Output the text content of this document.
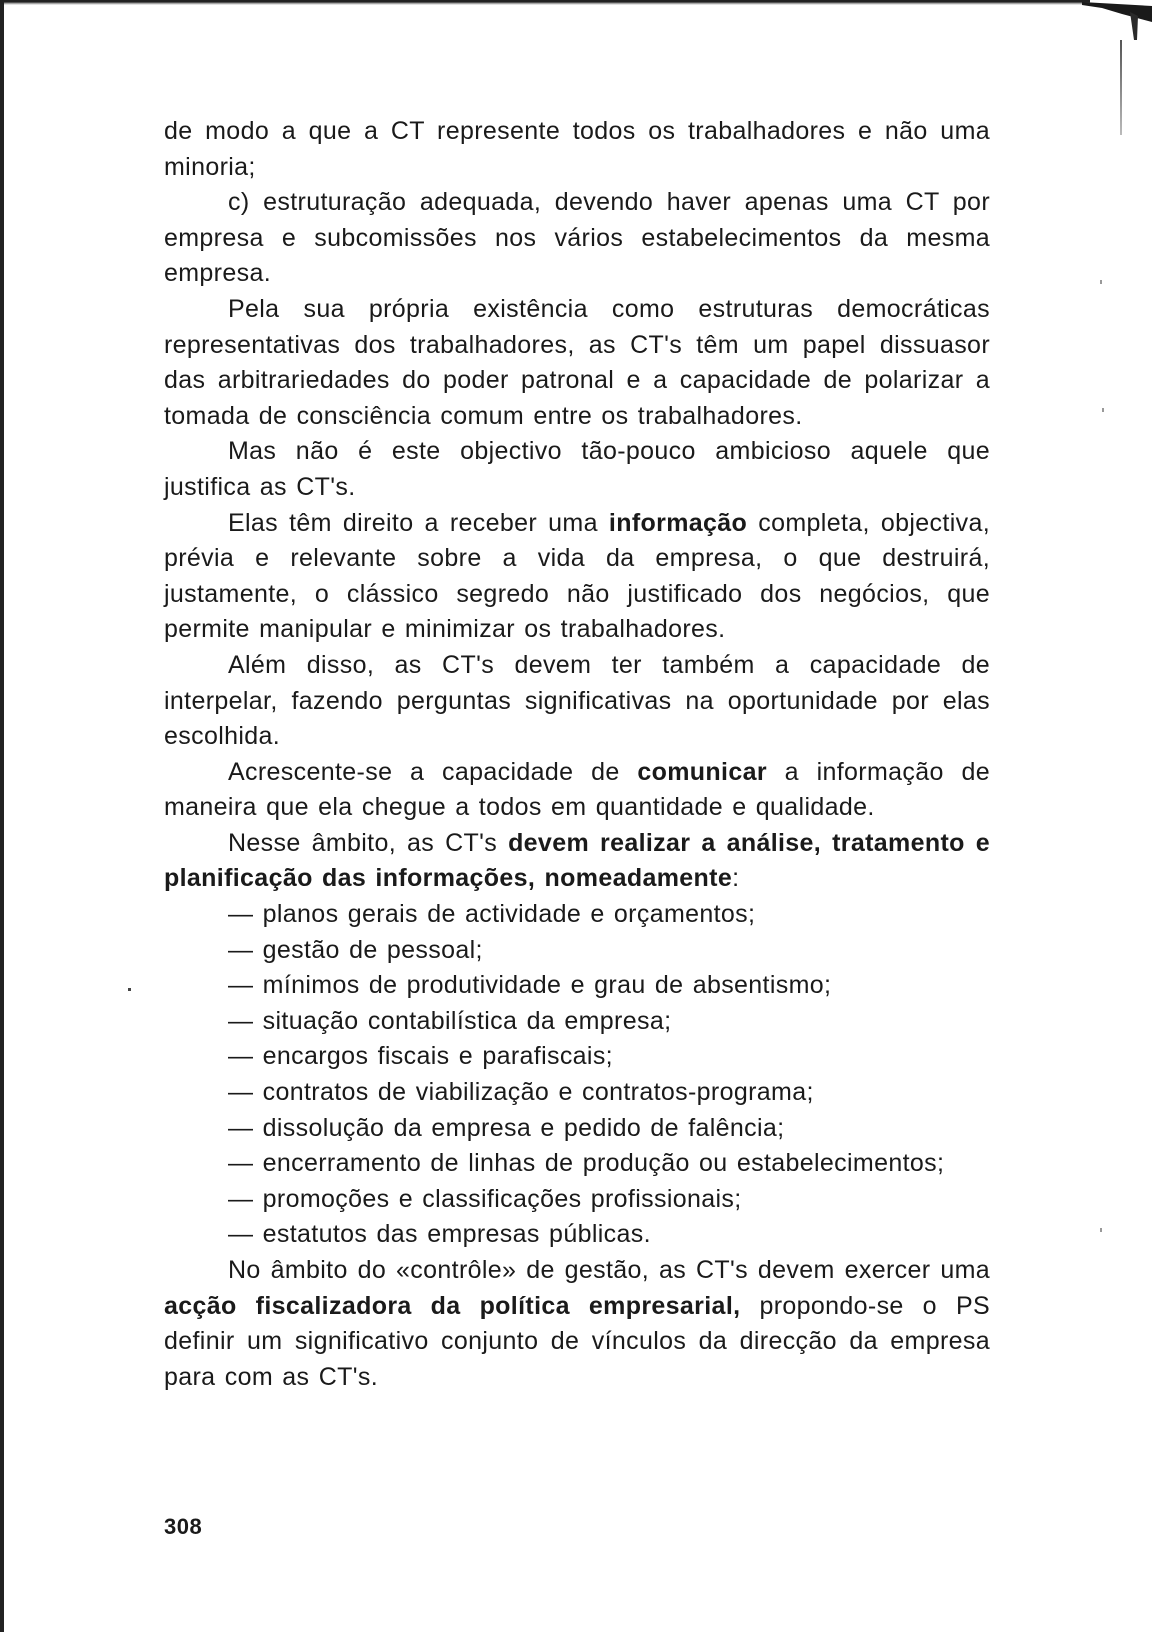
de modo a que a CT represente todos os trabalhadores e não uma minoria;

c) estruturação adequada, devendo haver apenas uma CT por empresa e subcomissões nos vários estabelecimentos da mesma empresa.

Pela sua própria existência como estruturas democráticas representativas dos trabalhadores, as CT's têm um papel dissuasor das arbitrariedades do poder patronal e a capacidade de polarizar a tomada de consciência comum entre os trabalhadores.

Mas não é este objectivo tão-pouco ambicioso aquele que justifica as CT's.

Elas têm direito a receber uma informação completa, objectiva, prévia e relevante sobre a vida da empresa, o que destruirá, justamente, o clássico segredo não justificado dos negócios, que permite manipular e minimizar os trabalhadores.

Além disso, as CT's devem ter também a capacidade de interpelar, fazendo perguntas significativas na oportunidade por elas escolhida.

Acrescente-se a capacidade de comunicar a informação de maneira que ela chegue a todos em quantidade e qualidade.

Nesse âmbito, as CT's devem realizar a análise, tratamento e planificação das informações, nomeadamente:

— planos gerais de actividade e orçamentos;

— gestão de pessoal;

— mínimos de produtividade e grau de absentismo;

— situação contabilística da empresa;

— encargos fiscais e parafiscais;

— contratos de viabilização e contratos-programa;

— dissolução da empresa e pedido de falência;

— encerramento de linhas de produção ou estabelecimentos;

— promoções e classificações profissionais;

— estatutos das empresas públicas.

No âmbito do «contrôle» de gestão, as CT's devem exercer uma acção fiscalizadora da política empresarial, propondo-se o PS definir um significativo conjunto de vínculos da direcção da empresa para com as CT's.

308
